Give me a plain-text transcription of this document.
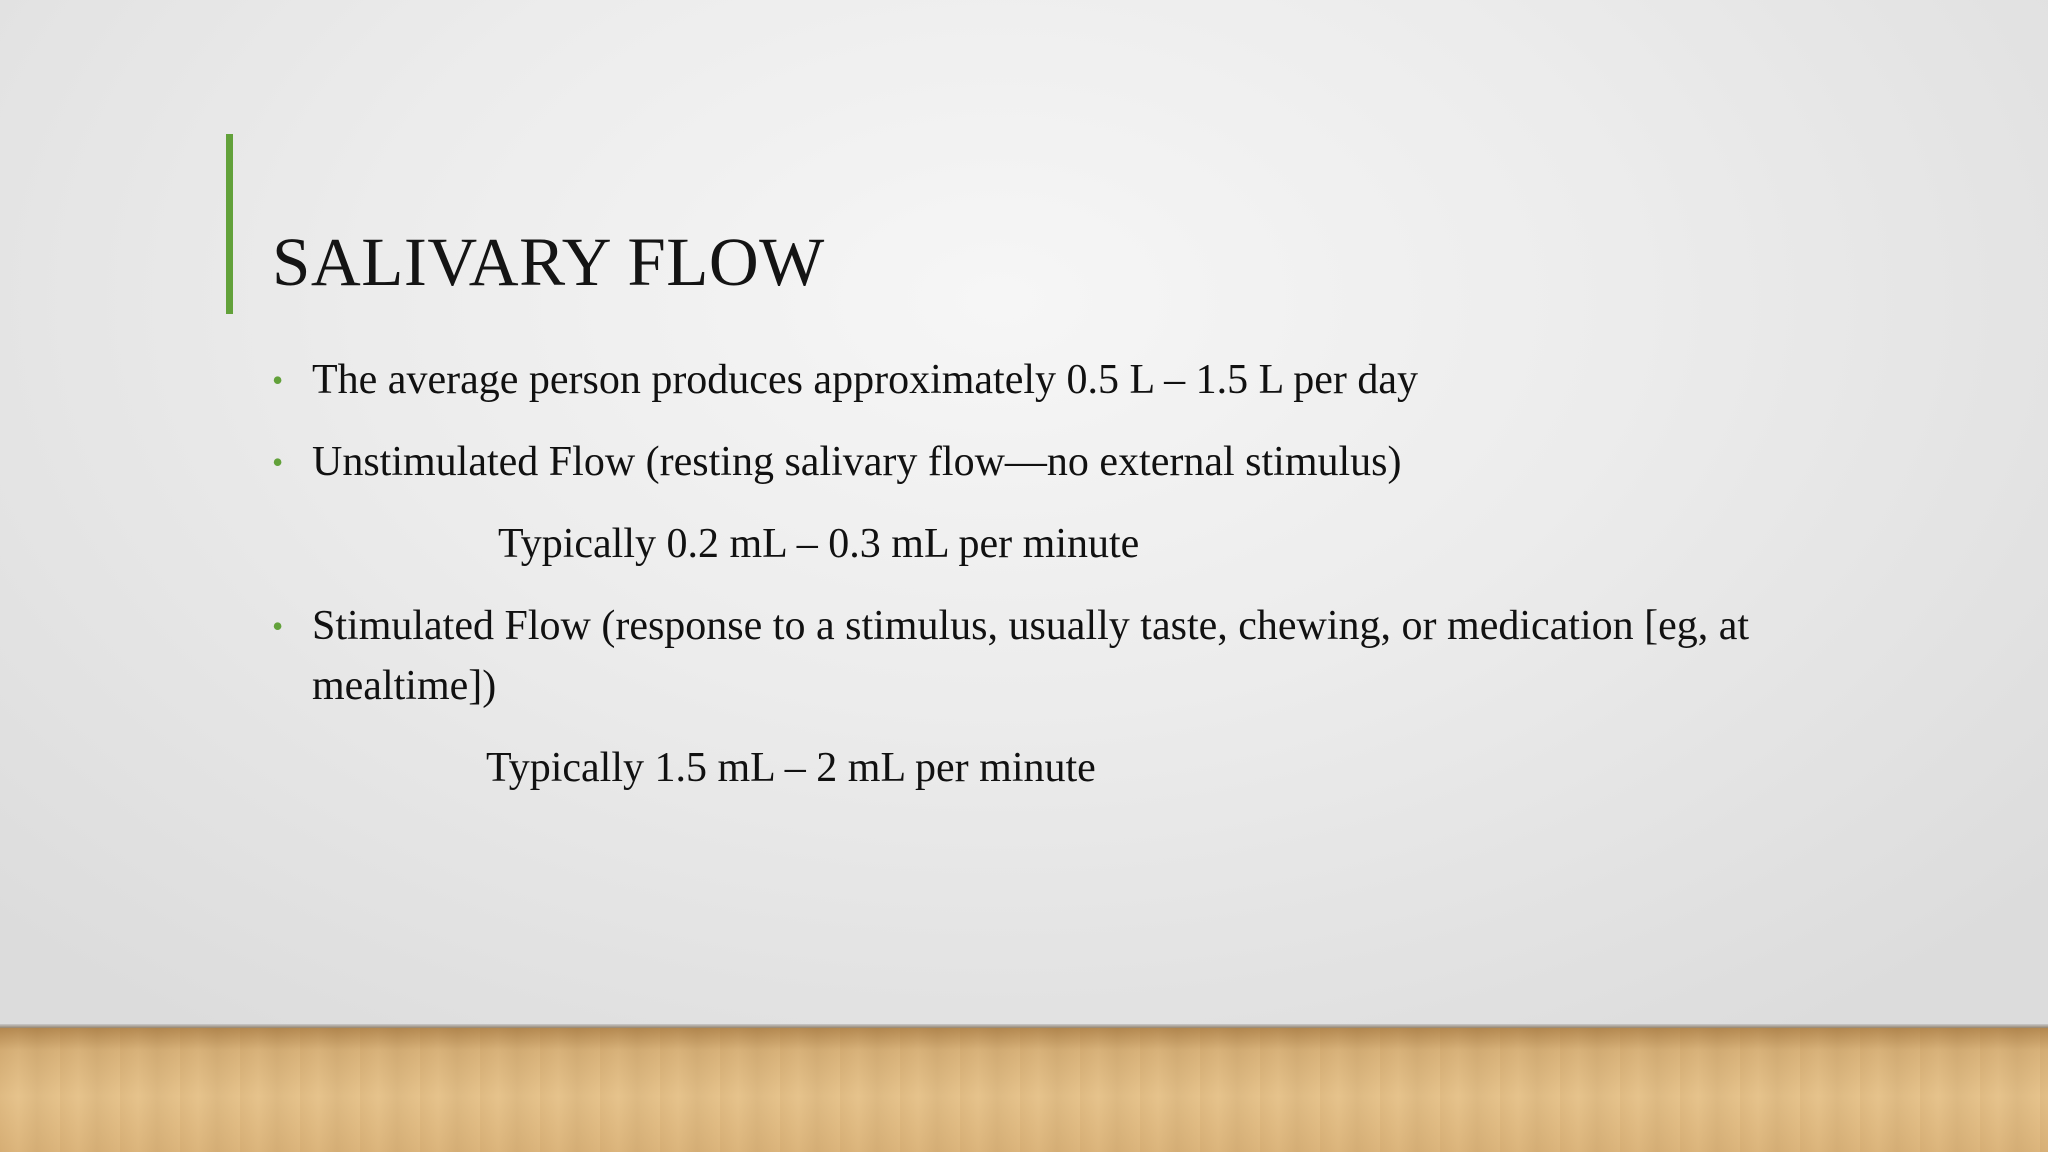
SALIVARY FLOW
• The average person produces approximately 0.5 L – 1.5 L per day
• Unstimulated Flow (resting salivary flow—no external stimulus)
Typically 0.2 mL – 0.3 mL per minute
• Stimulated Flow (response to a stimulus, usually taste, chewing, or medication [eg, at mealtime])
Typically 1.5 mL – 2 mL per minute
